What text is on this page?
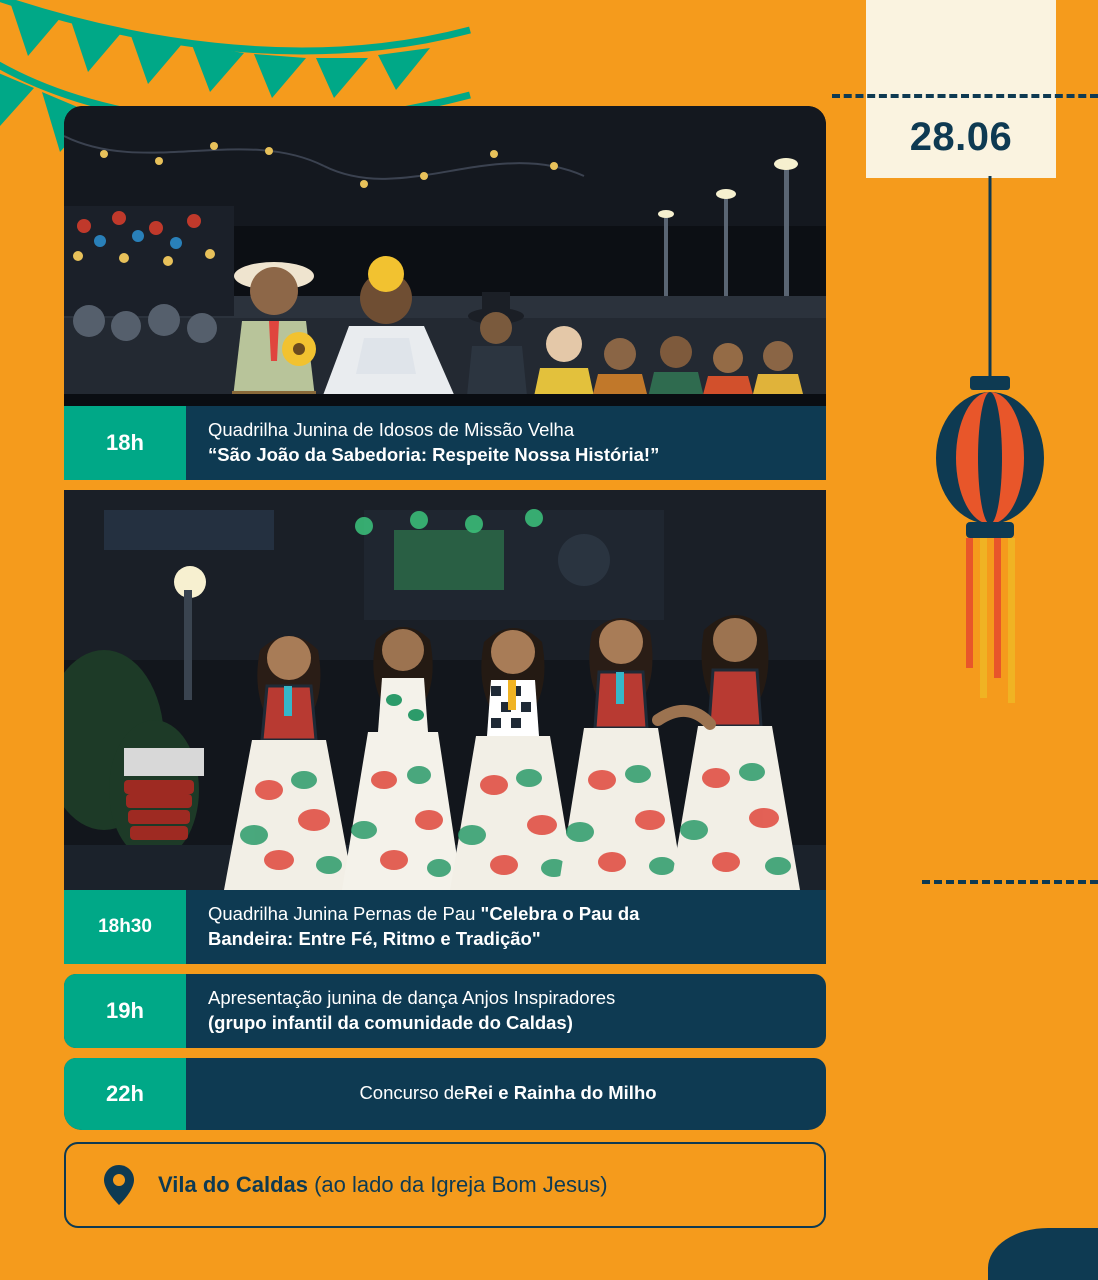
28.06
18h
Quadrilha Junina de Idosos de Missão Velha
“São João da Sabedoria: Respeite Nossa História!”
18h30
Quadrilha Junina Pernas de Pau "Celebra o Pau da
Bandeira: Entre Fé, Ritmo e Tradição"
19h
Apresentação junina de dança Anjos Inspiradores
(grupo infantil da comunidade do Caldas)
22h	Concurso de Rei e Rainha do Milho
Vila do Caldas (ao lado da Igreja Bom Jesus)
